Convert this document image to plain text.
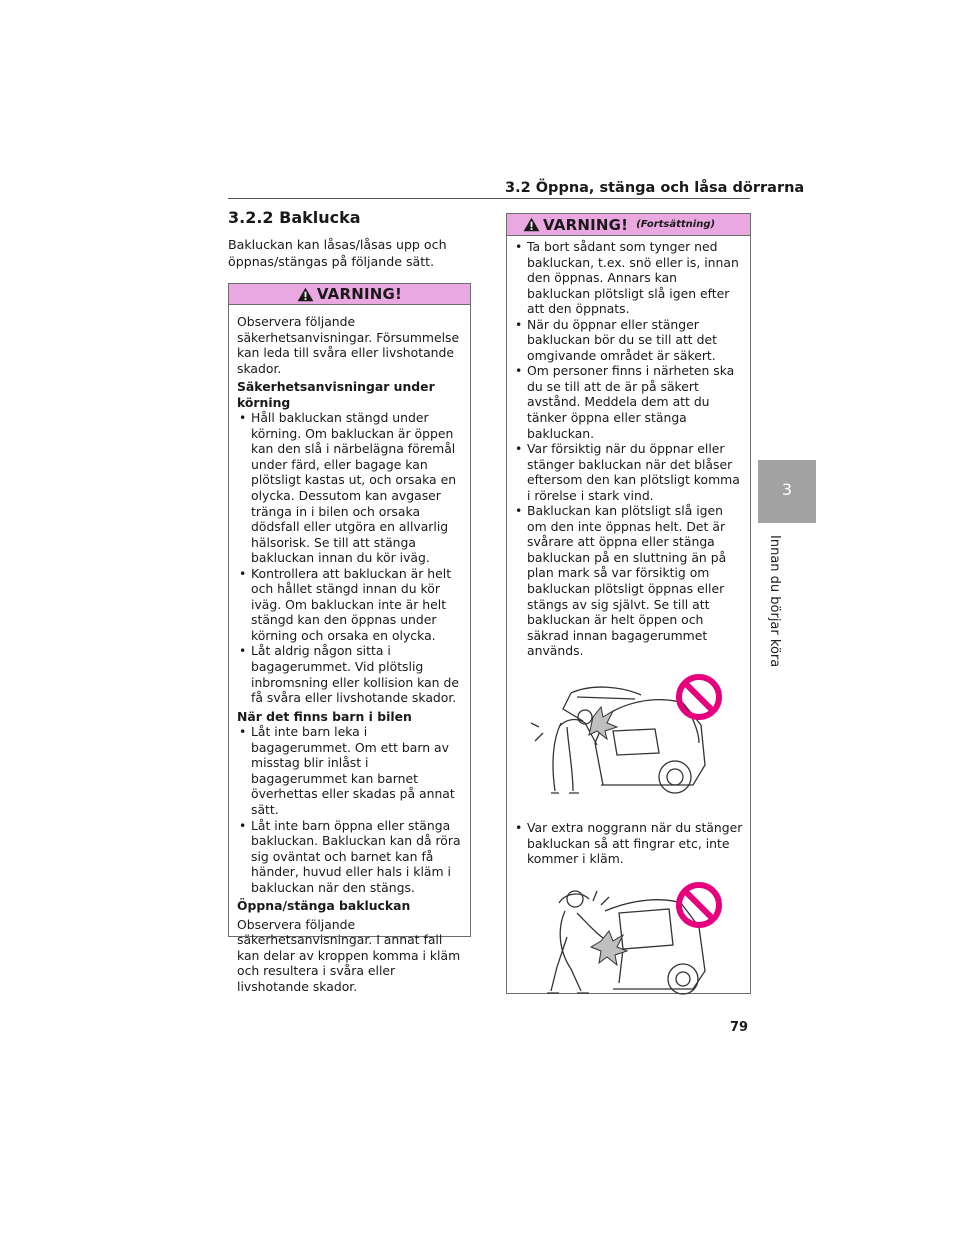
3.2 Öppna, stänga och låsa dörrarna
3.2.2 Baklucka
Bakluckan kan låsas/låsas upp och öppnas/stängas på följande sätt.
VARNING!

Observera följande säkerhetsanvisningar. Försummelse kan leda till svåra eller livshotande skador.

Säkerhetsanvisningar under körning

• Håll bakluckan stängd under körning. Om bakluckan är öppen kan den slå i närbelägna föremål under färd, eller bagage kan plötsligt kastas ut, och orsaka en olycka. Dessutom kan avgaser tränga in i bilen och orsaka dödsfall eller utgöra en allvarlig hälsorisk. Se till att stänga bakluckan innan du kör iväg.
• Kontrollera att bakluckan är helt och hållet stängd innan du kör iväg. Om bakluckan inte är helt stängd kan den öppnas under körning och orsaka en olycka.
• Låt aldrig någon sitta i bagagerummet. Vid plötslig inbromsning eller kollision kan de få svåra eller livshotande skador.

När det finns barn i bilen

• Låt inte barn leka i bagagerummet. Om ett barn av misstag blir inlåst i bagagerummet kan barnet överhettas eller skadas på annat sätt.
• Låt inte barn öppna eller stänga bakluckan. Bakluckan kan då röra sig oväntat och barnet kan få händer, huvud eller hals i kläm i bakluckan när den stängs.

Öppna/stänga bakluckan

Observera följande säkerhetsanvisningar. I annat fall kan delar av kroppen komma i kläm och resultera i svåra eller livshotande skador.

VARNING! (Fortsättning)
• Ta bort sådant som tynger ned bakluckan, t.ex. snö eller is, innan den öppnas. Annars kan bakluckan plötsligt slå igen efter att den öppnats.
• När du öppnar eller stänger bakluckan bör du se till att det omgivande området är säkert.
• Om personer finns i närheten ska du se till att de är på säkert avstånd. Meddela dem att du tänker öppna eller stänga bakluckan.
• Var försiktig när du öppnar eller stänger bakluckan när det blåser eftersom den kan plötsligt komma i rörelse i stark vind.
• Bakluckan kan plötsligt slå igen om den inte öppnas helt. Det är svårare att öppna eller stänga bakluckan på en sluttning än på plan mark så var försiktig om bakluckan plötsligt öppnas eller stängs av sig självt. Se till att bakluckan är helt öppen och säkrad innan bagagerummet används.
• Var extra noggrann när du stänger bakluckan så att fingrar etc, inte kommer i kläm.
3
Innan du börjar köra
79
